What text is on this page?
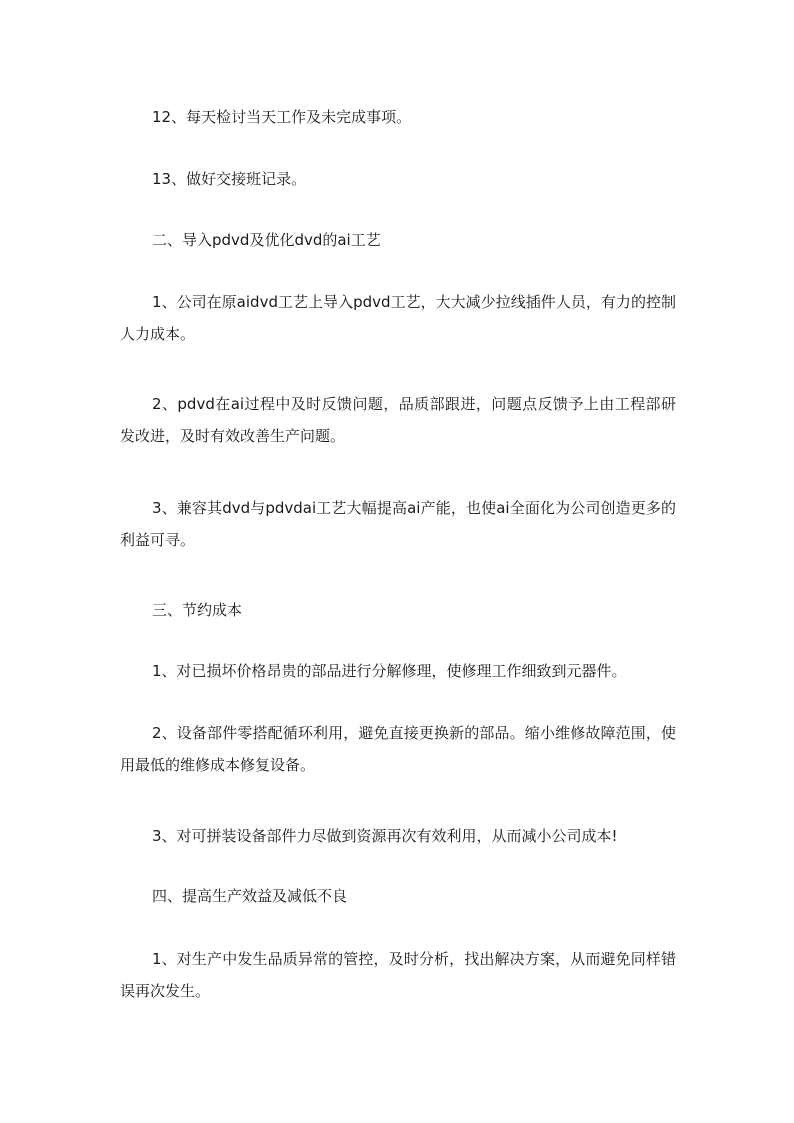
12、每天检讨当天工作及未完成事项。

13、做好交接班记录。

二、导入pdvd及优化dvd的ai工艺

1、公司在原aidvd工艺上导入pdvd工艺，大大减少拉线插件人员，有力的控制人力成本。

2、pdvd在ai过程中及时反馈问题，品质部跟进，问题点反馈予上由工程部研发改进，及时有效改善生产问题。

3、兼容其dvd与pdvdai工艺大幅提高ai产能，也使ai全面化为公司创造更多的利益可寻。

三、节约成本

1、对已损坏价格昂贵的部品进行分解修理，使修理工作细致到元器件。

2、设备部件零搭配循环利用，避免直接更换新的部品。缩小维修故障范围，使用最低的维修成本修复设备。

3、对可拼装设备部件力尽做到资源再次有效利用，从而减小公司成本!

四、提高生产效益及减低不良

1、对生产中发生品质异常的管控，及时分析，找出解决方案，从而避免同样错误再次发生。
